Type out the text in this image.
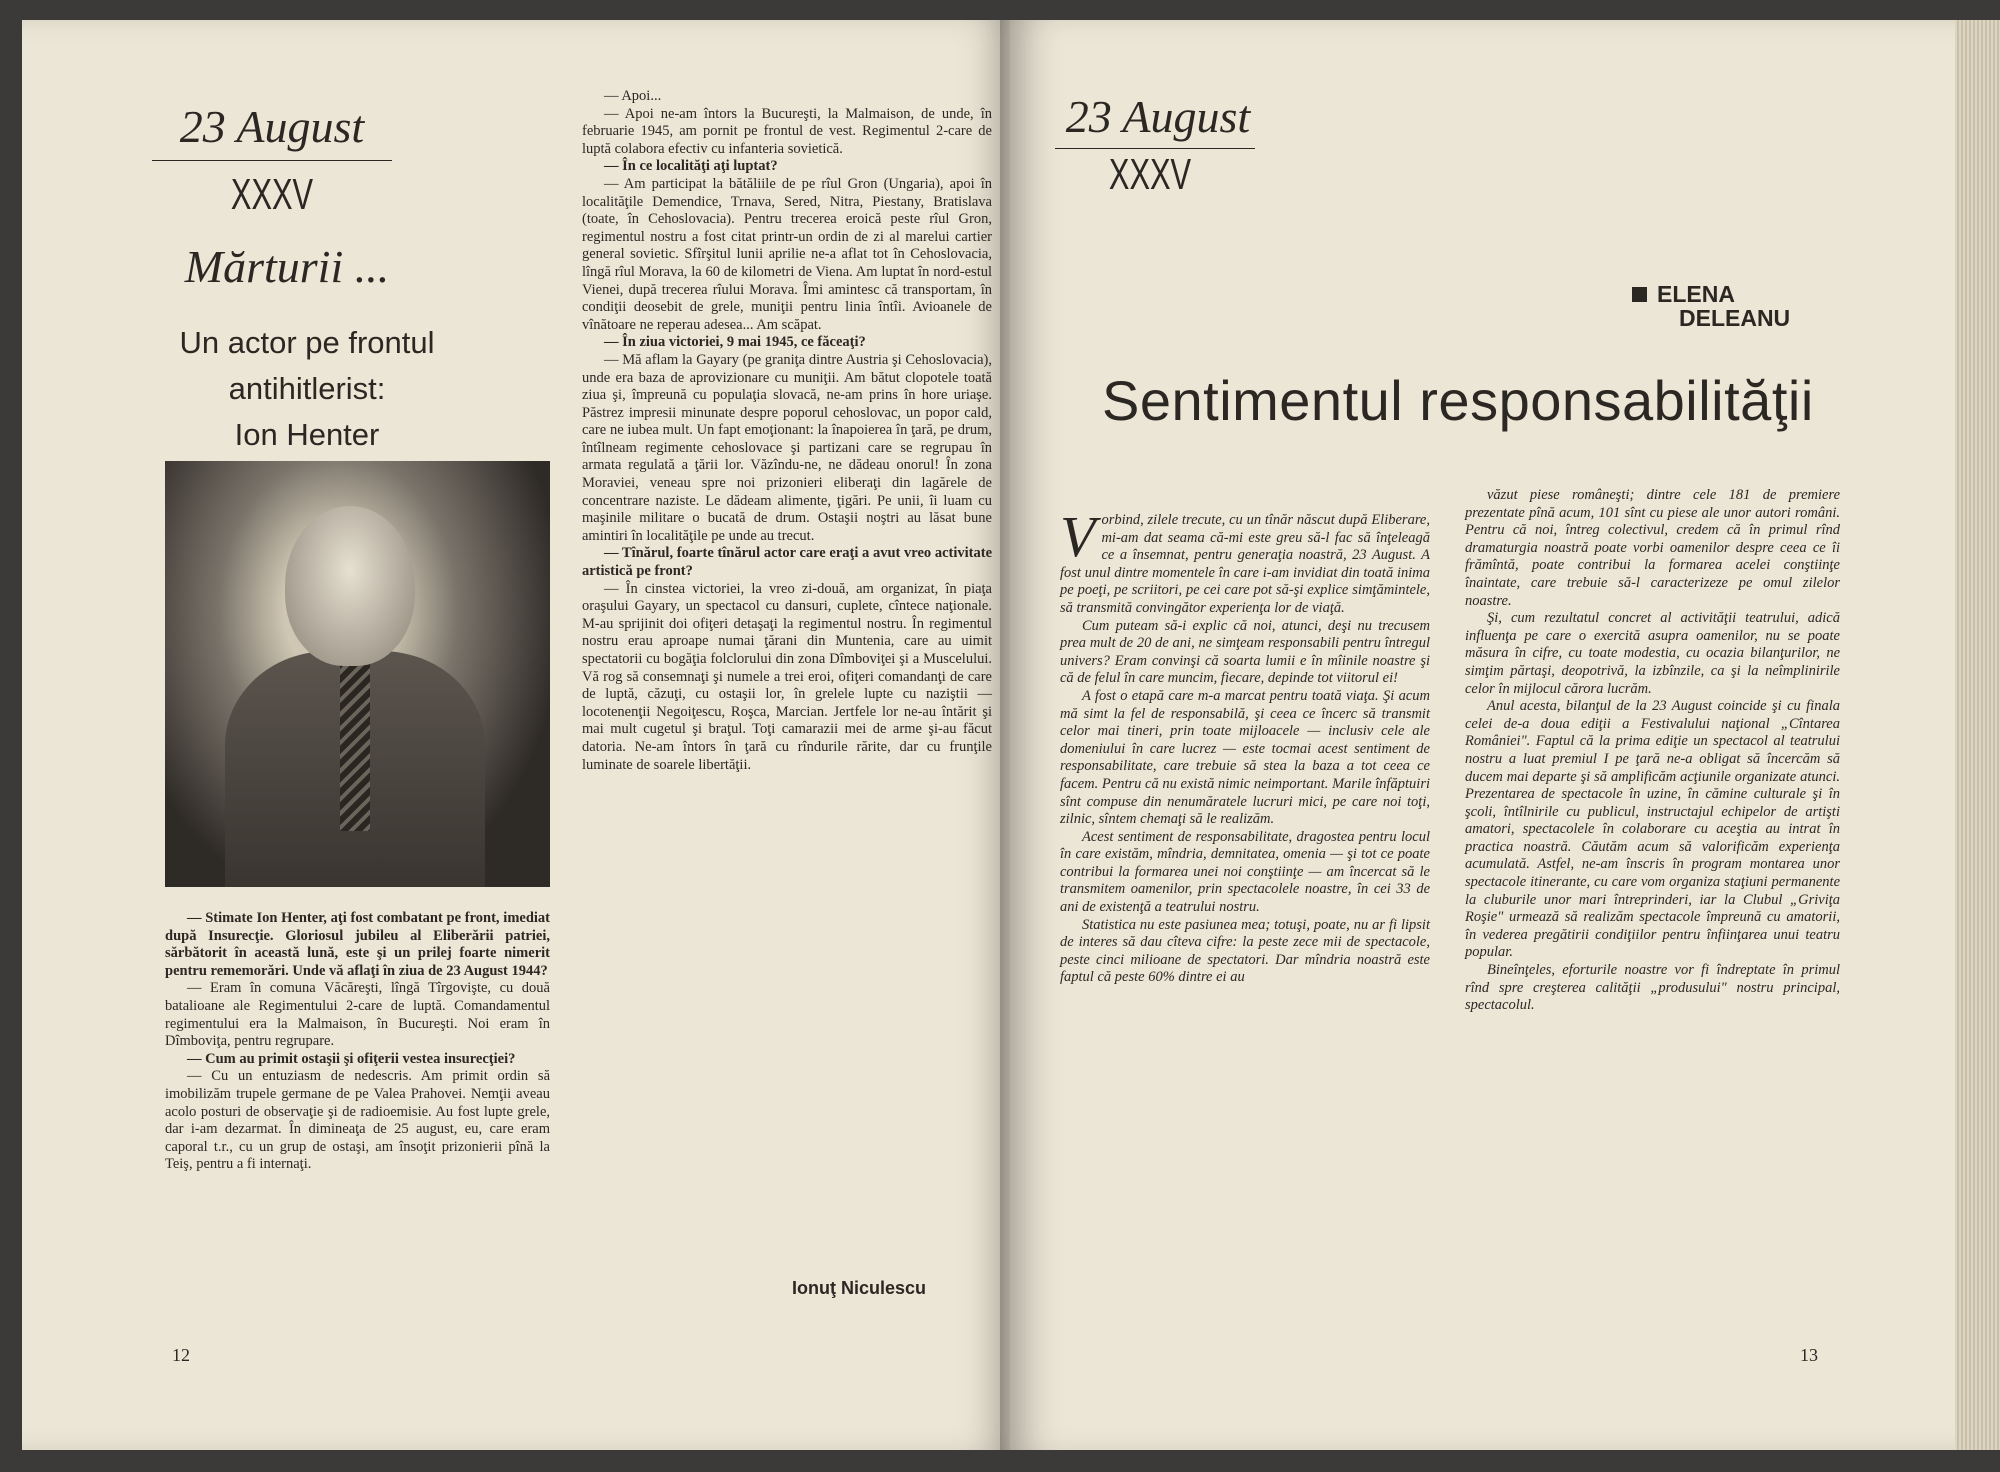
23 August
XXXV
Mărturii ...
Un actor pe frontul
antihitlerist:
Ion Henter

— Stimate Ion Henter, aţi fost combatant pe front, imediat după Insurecţie. Gloriosul jubileu al Eliberării patriei, sărbătorit în această lună, este şi un prilej foarte nimerit pentru rememorări. Unde vă aflaţi în ziua de 23 August 1944?

— Eram în comuna Văcăreşti, lîngă Tîrgovişte, cu două batalioane ale Regimentului 2-care de luptă. Comandamentul regimentului era la Malmaison, în Bucureşti. Noi eram în Dîmboviţa, pentru regrupare.

— Cum au primit ostaşii şi ofiţerii vestea insurecţiei?

— Cu un entuziasm de nedescris. Am primit ordin să imobilizăm trupele germane de pe Valea Prahovei. Nemţii aveau acolo posturi de observaţie şi de radioemisie. Au fost lupte grele, dar i-am dezarmat. În dimineaţa de 25 august, eu, care eram caporal t.r., cu un grup de ostaşi, am însoţit prizonierii pînă la Teiş, pentru a fi internaţi.

— Apoi...

— Apoi ne-am întors la Bucureşti, la Malmaison, de unde, în februarie 1945, am pornit pe frontul de vest. Regimentul 2-care de luptă colabora efectiv cu infanteria sovietică.

— În ce localităţi aţi luptat?

— Am participat la bătăliile de pe rîul Gron (Ungaria), apoi în localităţile Demendice, Trnava, Sered, Nitra, Piestany, Bratislava (toate, în Cehoslovacia). Pentru trecerea eroică peste rîul Gron, regimentul nostru a fost citat printr-un ordin de zi al marelui cartier general sovietic. Sfîrşitul lunii aprilie ne-a aflat tot în Cehoslovacia, lîngă rîul Morava, la 60 de kilometri de Viena. Am luptat în nord-estul Vienei, după trecerea rîului Morava. Îmi amintesc că transportam, în condiţii deosebit de grele, muniţii pentru linia întîi. Avioanele de vînătoare ne reperau adesea... Am scăpat.

— În ziua victoriei, 9 mai 1945, ce făceaţi?

— Mă aflam la Gayary (pe graniţa dintre Austria şi Cehoslovacia), unde era baza de aprovizionare cu muniţii. Am bătut clopotele toată ziua şi, împreună cu populaţia slovacă, ne-am prins în hore uriaşe. Păstrez impresii minunate despre poporul cehoslovac, un popor cald, care ne iubea mult. Un fapt emoţionant: la înapoierea în ţară, pe drum, întîlneam regimente cehoslovace şi partizani care se regrupau în armata regulată a ţării lor. Văzîndu-ne, ne dădeau onorul! În zona Moraviei, veneau spre noi prizonieri eliberaţi din lagărele de concentrare naziste. Le dădeam alimente, ţigări. Pe unii, îi luam cu maşinile militare o bucată de drum. Ostaşii noştri au lăsat bune amintiri în localităţile pe unde au trecut.

— Tînărul, foarte tînărul actor care eraţi a avut vreo activitate artistică pe front?

— În cinstea victoriei, la vreo zi-două, am organizat, în piaţa oraşului Gayary, un spectacol cu dansuri, cuplete, cîntece naţionale. M-au sprijinit doi ofiţeri detaşaţi la regimentul nostru. În regimentul nostru erau aproape numai ţărani din Muntenia, care au uimit spectatorii cu bogăţia folclorului din zona Dîmboviţei şi a Muscelului. Vă rog să consemnaţi şi numele a trei eroi, ofiţeri comandanţi de care de luptă, căzuţi, cu ostaşii lor, în grelele lupte cu naziştii — locotenenţii Negoiţescu, Roşca, Marcian. Jertfele lor ne-au întărit şi mai mult cugetul şi braţul. Toţi camarazii mei de arme şi-au făcut datoria. Ne-am întors în ţară cu rîndurile rărite, dar cu frunţile luminate de soarele libertăţii.

Ionuţ Niculescu
12
23 August
XXXV
ELENA
DELEANU
Sentimentul responsabilităţii

Vorbind, zilele trecute, cu un tînăr născut după Eliberare, mi-am dat seama că-mi este greu să-l fac să înţeleagă ce a însemnat, pentru generaţia noastră, 23 August. A fost unul dintre momentele în care i-am invidiat din toată inima pe poeţi, pe scriitori, pe cei care pot să-şi explice simţămintele, să transmită convingător experienţa lor de viaţă.

Cum puteam să-i explic că noi, atunci, deşi nu trecusem prea mult de 20 de ani, ne simţeam responsabili pentru întregul univers? Eram convinşi că soarta lumii e în mîinile noastre şi că de felul în care muncim, fiecare, depinde tot viitorul ei!

A fost o etapă care m-a marcat pentru toată viaţa. Şi acum mă simt la fel de responsabilă, şi ceea ce încerc să transmit celor mai tineri, prin toate mijloacele — inclusiv cele ale domeniului în care lucrez — este tocmai acest sentiment de responsabilitate, care trebuie să stea la baza a tot ceea ce facem. Pentru că nu există nimic neimportant. Marile înfăptuiri sînt compuse din nenumăratele lucruri mici, pe care noi toţi, zilnic, sîntem chemaţi să le realizăm.

Acest sentiment de responsabilitate, dragostea pentru locul în care existăm, mîndria, demnitatea, omenia — şi tot ce poate contribui la formarea unei noi conştiinţe — am încercat să le transmitem oamenilor, prin spectacolele noastre, în cei 33 de ani de existenţă a teatrului nostru.

Statistica nu este pasiunea mea; totuşi, poate, nu ar fi lipsit de interes să dau cîteva cifre: la peste zece mii de spectacole, peste cinci milioane de spectatori. Dar mîndria noastră este faptul că peste 60% dintre ei au

văzut piese româneşti; dintre cele 181 de premiere prezentate pînă acum, 101 sînt cu piese ale unor autori români. Pentru că noi, întreg colectivul, credem că în primul rînd dramaturgia noastră poate vorbi oamenilor despre ceea ce îi frămîntă, poate contribui la formarea acelei conştiinţe înaintate, care trebuie să-l caracterizeze pe omul zilelor noastre.

Şi, cum rezultatul concret al activităţii teatrului, adică influenţa pe care o exercită asupra oamenilor, nu se poate măsura în cifre, cu toate modestia, cu ocazia bilanţurilor, ne simţim părtaşi, deopotrivă, la izbînzile, ca şi la neîmplinirile celor în mijlocul cărora lucrăm.

Anul acesta, bilanţul de la 23 August coincide şi cu finala celei de-a doua ediţii a Festivalului naţional „Cîntarea României". Faptul că la prima ediţie un spectacol al teatrului nostru a luat premiul I pe ţară ne-a obligat să încercăm să ducem mai departe şi să amplificăm acţiunile organizate atunci. Prezentarea de spectacole în uzine, în cămine culturale şi în şcoli, întîlnirile cu publicul, instructajul echipelor de artişti amatori, spectacolele în colaborare cu aceştia au intrat în practica noastră. Căutăm acum să valorificăm experienţa acumulată. Astfel, ne-am înscris în program montarea unor spectacole itinerante, cu care vom organiza staţiuni permanente la cluburile unor mari întreprinderi, iar la Clubul „Griviţa Roşie" urmează să realizăm spectacole împreună cu amatorii, în vederea pregătirii condiţiilor pentru înfiinţarea unui teatru popular.

Bineînţeles, eforturile noastre vor fi îndreptate în primul rînd spre creşterea calităţii „produsului" nostru principal, spectacolul.

13
